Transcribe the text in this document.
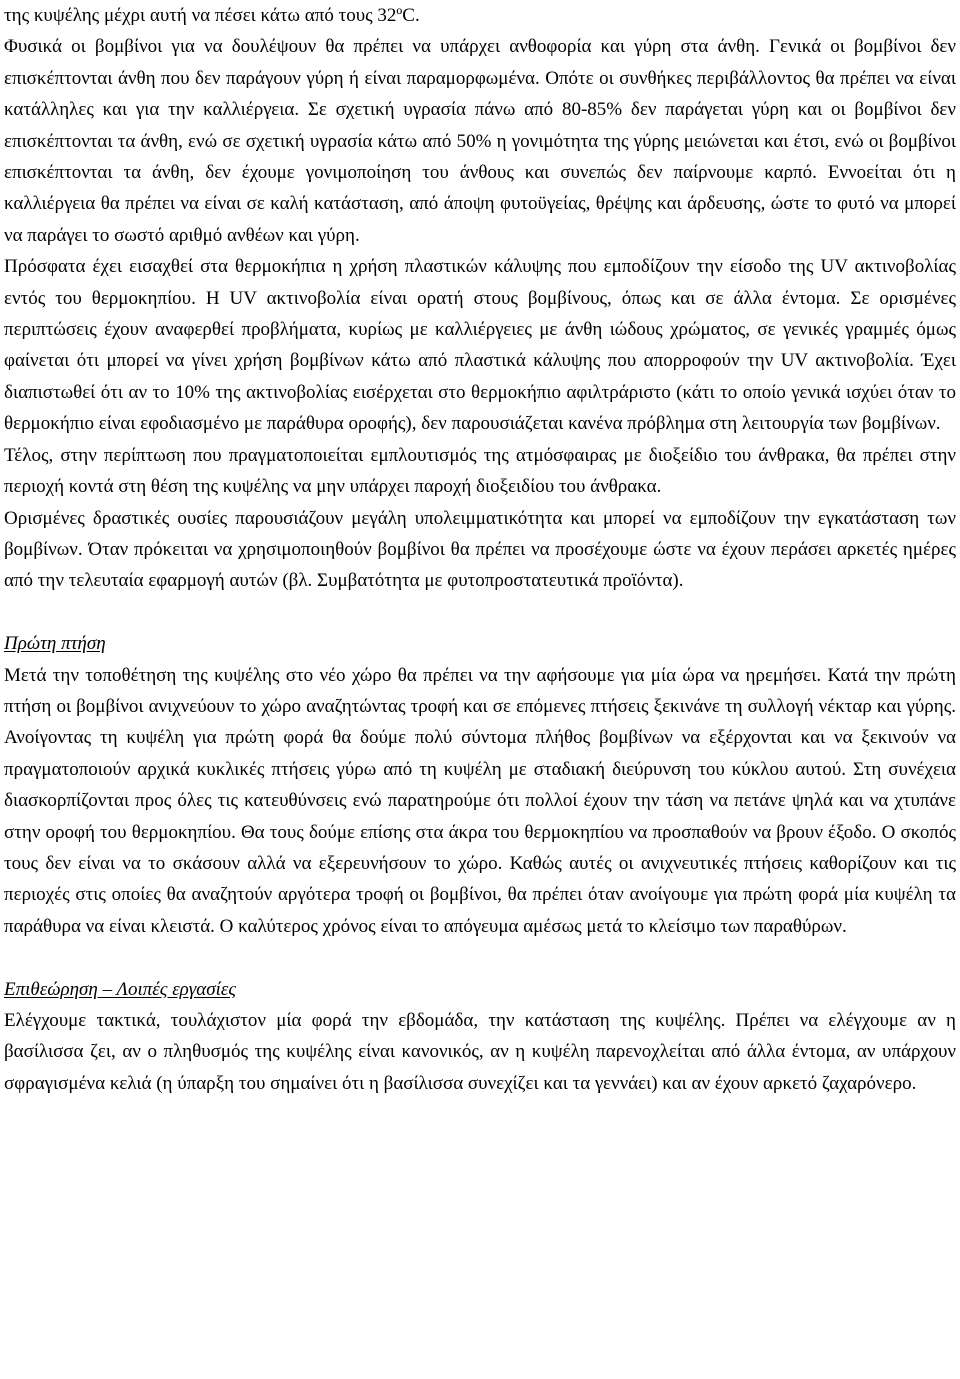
της κυψέλης μέχρι αυτή να πέσει κάτω από τους 32ºC.

Φυσικά οι βομβίνοι για να δουλέψουν θα πρέπει να υπάρχει ανθοφορία και γύρη στα άνθη. Γενικά οι βομβίνοι δεν επισκέπτονται άνθη που δεν παράγουν γύρη ή είναι παραμορφωμένα. Οπότε οι συνθήκες περιβάλλοντος θα πρέπει να είναι κατάλληλες και για την καλλιέργεια. Σε σχετική υγρασία πάνω από 80-85% δεν παράγεται γύρη και οι βομβίνοι δεν επισκέπτονται τα άνθη, ενώ σε σχετική υγρασία κάτω από 50% η γονιμότητα της γύρης μειώνεται και έτσι, ενώ οι βομβίνοι επισκέπτονται τα άνθη, δεν έχουμε γονιμοποίηση του άνθους και συνεπώς δεν παίρνουμε καρπό. Εννοείται ότι η καλλιέργεια θα πρέπει να είναι σε καλή κατάσταση, από άποψη φυτοϋγείας, θρέψης και άρδευσης, ώστε το φυτό να μπορεί να παράγει το σωστό αριθμό ανθέων και γύρη.

Πρόσφατα έχει εισαχθεί στα θερμοκήπια η χρήση πλαστικών κάλυψης που εμποδίζουν την είσοδο της UV ακτινοβολίας εντός του θερμοκηπίου. Η UV ακτινοβολία είναι ορατή στους βομβίνους, όπως και σε άλλα έντομα. Σε ορισμένες περιπτώσεις έχουν αναφερθεί προβλήματα, κυρίως με καλλιέργειες με άνθη ιώδους χρώματος, σε γενικές γραμμές όμως φαίνεται ότι μπορεί να γίνει χρήση βομβίνων κάτω από πλαστικά κάλυψης που απορροφούν την UV ακτινοβολία. Έχει διαπιστωθεί ότι αν το 10% της ακτινοβολίας εισέρχεται στο θερμοκήπιο αφιλτράριστο (κάτι το οποίο γενικά ισχύει όταν το θερμοκήπιο είναι εφοδιασμένο με παράθυρα οροφής), δεν παρουσιάζεται κανένα πρόβλημα στη λειτουργία των βομβίνων.

Τέλος, στην περίπτωση που πραγματοποιείται εμπλουτισμός της ατμόσφαιρας με διοξείδιο του άνθρακα, θα πρέπει στην περιοχή κοντά στη θέση της κυψέλης να μην υπάρχει παροχή διοξειδίου του άνθρακα.

Ορισμένες δραστικές ουσίες παρουσιάζουν μεγάλη υπολειμματικότητα και μπορεί να εμποδίζουν την εγκατάσταση των βομβίνων. Όταν πρόκειται να χρησιμοποιηθούν βομβίνοι θα πρέπει να προσέχουμε ώστε να έχουν περάσει αρκετές ημέρες από την τελευταία εφαρμογή αυτών (βλ. Συμβατότητα με φυτοπροστατευτικά προϊόντα).

Πρώτη πτήση

Μετά την τοποθέτηση της κυψέλης στο νέο χώρο θα πρέπει να την αφήσουμε για μία ώρα να ηρεμήσει. Κατά την πρώτη πτήση οι βομβίνοι ανιχνεύουν το χώρο αναζητώντας τροφή και σε επόμενες πτήσεις ξεκινάνε τη συλλογή νέκταρ και γύρης. Ανοίγοντας τη κυψέλη για πρώτη φορά θα δούμε πολύ σύντομα πλήθος βομβίνων να εξέρχονται και να ξεκινούν να πραγματοποιούν αρχικά κυκλικές πτήσεις γύρω από τη κυψέλη με σταδιακή διεύρυνση του κύκλου αυτού. Στη συνέχεια διασκορπίζονται προς όλες τις κατευθύνσεις ενώ παρατηρούμε ότι πολλοί έχουν την τάση να πετάνε ψηλά και να χτυπάνε στην οροφή του θερμοκηπίου. Θα τους δούμε επίσης στα άκρα του θερμοκηπίου να προσπαθούν να βρουν έξοδο. Ο σκοπός τους δεν είναι να το σκάσουν αλλά να εξερευνήσουν το χώρο. Καθώς αυτές οι ανιχνευτικές πτήσεις καθορίζουν και τις περιοχές στις οποίες θα αναζητούν αργότερα τροφή οι βομβίνοι, θα πρέπει όταν ανοίγουμε για πρώτη φορά μία κυψέλη τα παράθυρα να είναι κλειστά. Ο καλύτερος χρόνος είναι το απόγευμα αμέσως μετά το κλείσιμο των παραθύρων.

Επιθεώρηση – Λοιπές εργασίες

Ελέγχουμε τακτικά, τουλάχιστον μία φορά την εβδομάδα, την κατάσταση της κυψέλης. Πρέπει να ελέγχουμε αν η βασίλισσα ζει, αν ο πληθυσμός της κυψέλης είναι κανονικός, αν η κυψέλη παρενοχλείται από άλλα έντομα, αν υπάρχουν σφραγισμένα κελιά (η ύπαρξη του σημαίνει ότι η βασίλισσα συνεχίζει και τα γεννάει) και αν έχουν αρκετό ζαχαρόνερο.
